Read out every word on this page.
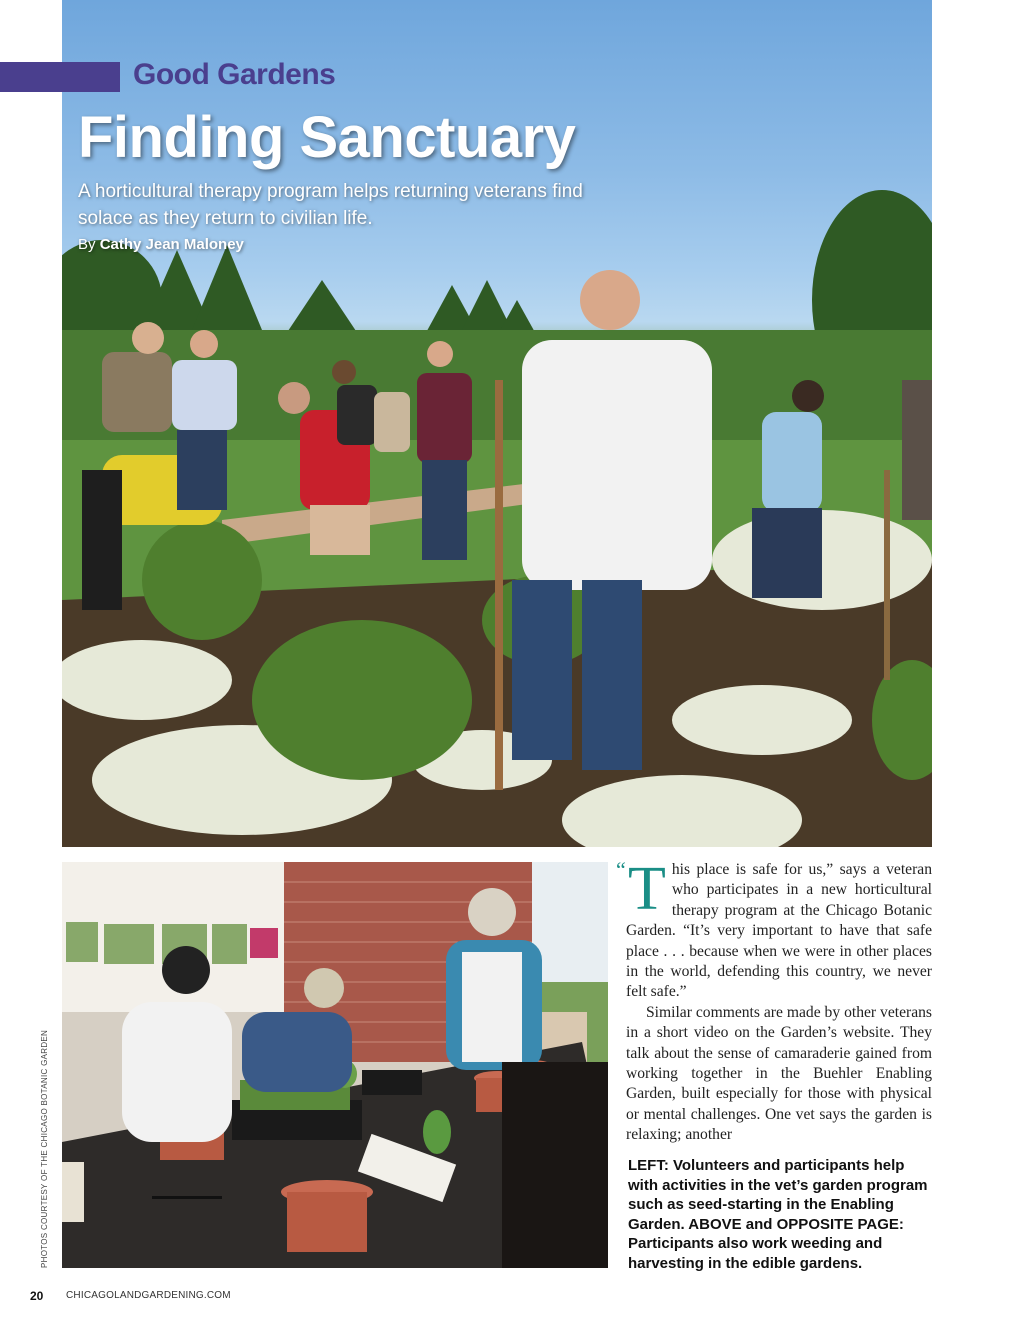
Good Gardens
Finding Sanctuary
A horticultural therapy program helps returning veterans find solace as they return to civilian life.
By Cathy Jean Maloney
PHOTOS COURTESY OF THE CHICAGO BOTANIC GARDEN
“ This place is safe for us,” says a veteran who participates in a new horticultural therapy program at the Chicago Botanic Garden. “It’s very important to have that safe place . . . because when we were in other places in the world, defending this country, we never felt safe.”

Similar comments are made by other veterans in a short video on the Garden’s website. They talk about the sense of camaraderie gained from working together in the Buehler Enabling Garden, built especially for those with physical or mental challenges. One vet says the garden is relaxing; another

LEFT: Volunteers and participants help with activities in the vet’s garden program such as seed-starting in the Enabling Garden. ABOVE and OPPOSITE PAGE: Participants also work weeding and harvesting in the edible gardens.
20 CHICAGOLANDGARDENING.COM
